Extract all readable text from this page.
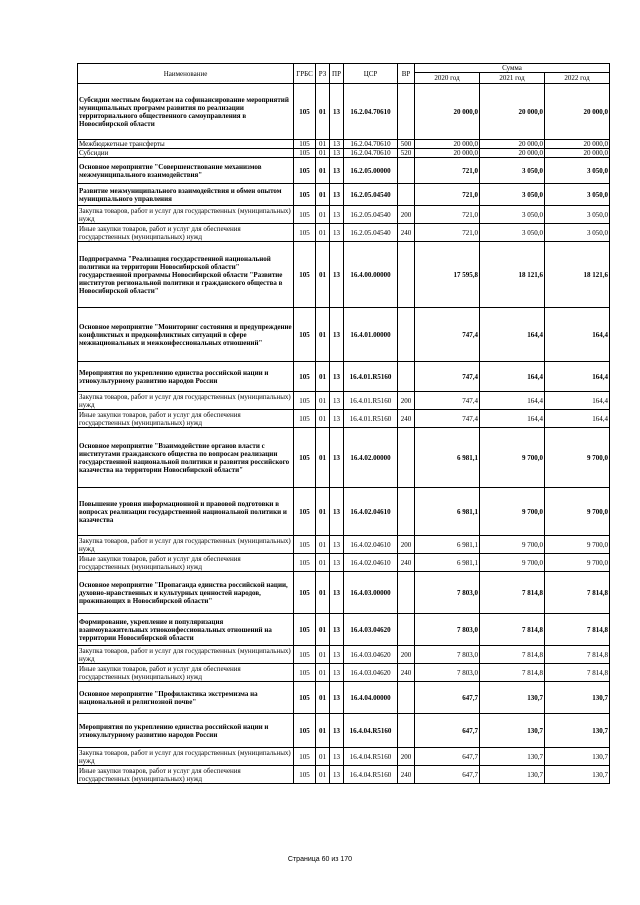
Наименование	ГРБС	РЗ	ПР	ЦСР	ВР	Сумма		
						2020 год	2021 год	2022 год
Субсидии местным бюджетам на софинансирование мероприятий муниципальных программ развития по реализации территориального общественного самоуправления в Новосибирской области	105	01	13	16.2.04.70610		20 000,0	20 000,0	20 000,0
Межбюджетные трансферты	105	01	13	16.2.04.70610	500	20 000,0	20 000,0	20 000,0
Субсидии	105	01	13	16.2.04.70610	520	20 000,0	20 000,0	20 000,0
Основное мероприятие "Совершенствование механизмов межмуниципального взаимодействия"	105	01	13	16.2.05.00000		721,0	3 050,0	3 050,0
Развитие межмуниципального взаимодействия и обмен опытом муниципального управления	105	01	13	16.2.05.04540		721,0	3 050,0	3 050,0
Закупка товаров, работ и услуг для государственных (муниципальных) нужд	105	01	13	16.2.05.04540	200	721,0	3 050,0	3 050,0
Иные закупки товаров, работ и услуг для обеспечения государственных (муниципальных) нужд	105	01	13	16.2.05.04540	240	721,0	3 050,0	3 050,0
Подпрограмма "Реализация государственной национальной политики на территории Новосибирской области" государственной программы Новосибирской области "Развитие институтов региональной политики и гражданского общества в Новосибирской области"	105	01	13	16.4.00.00000		17 595,8	18 121,6	18 121,6
Основное мероприятие "Мониторинг состояния и предупреждение конфликтных и предконфликтных ситуаций в сфере межнациональных и межконфессиональных отношений"	105	01	13	16.4.01.00000		747,4	164,4	164,4
Мероприятия по укреплению единства российской нации и этнокультурному развитию народов России	105	01	13	16.4.01.R5160		747,4	164,4	164,4
Закупка товаров, работ и услуг для государственных (муниципальных) нужд	105	01	13	16.4.01.R5160	200	747,4	164,4	164,4
Иные закупки товаров, работ и услуг для обеспечения государственных (муниципальных) нужд	105	01	13	16.4.01.R5160	240	747,4	164,4	164,4
Основное мероприятие "Взаимодействие органов власти с институтами гражданского общества по вопросам реализации государственной национальной политики и развития российского казачества на территории Новосибирской области"	105	01	13	16.4.02.00000		6 981,1	9 700,0	9 700,0
Повышение уровня информационной и правовой подготовки в вопросах реализации государственной национальной политики и казачества	105	01	13	16.4.02.04610		6 981,1	9 700,0	9 700,0
Закупка товаров, работ и услуг для государственных (муниципальных) нужд	105	01	13	16.4.02.04610	200	6 981,1	9 700,0	9 700,0
Иные закупки товаров, работ и услуг для обеспечения государственных (муниципальных) нужд	105	01	13	16.4.02.04610	240	6 981,1	9 700,0	9 700,0
Основное мероприятие "Пропаганда единства российской нации, духовно-нравственных и культурных ценностей народов, проживающих в Новосибирской области"	105	01	13	16.4.03.00000		7 803,0	7 814,8	7 814,8
Формирование, укрепление и популяризация взаимоуважительных этноконфессиональных отношений на территории Новосибирской области	105	01	13	16.4.03.04620		7 803,0	7 814,8	7 814,8
Закупка товаров, работ и услуг для государственных (муниципальных) нужд	105	01	13	16.4.03.04620	200	7 803,0	7 814,8	7 814,8
Иные закупки товаров, работ и услуг для обеспечения государственных (муниципальных) нужд	105	01	13	16.4.03.04620	240	7 803,0	7 814,8	7 814,8
Основное мероприятие "Профилактика экстремизма на национальной и религиозной почве"	105	01	13	16.4.04.00000		647,7	130,7	130,7
Мероприятия по укреплению единства российской нации и этнокультурному развитию народов России	105	01	13	16.4.04.R5160		647,7	130,7	130,7
Закупка товаров, работ и услуг для государственных (муниципальных) нужд	105	01	13	16.4.04.R5160	200	647,7	130,7	130,7
Иные закупки товаров, работ и услуг для обеспечения государственных (муниципальных) нужд	105	01	13	16.4.04.R5160	240	647,7	130,7	130,7
Страница 60 из 170
